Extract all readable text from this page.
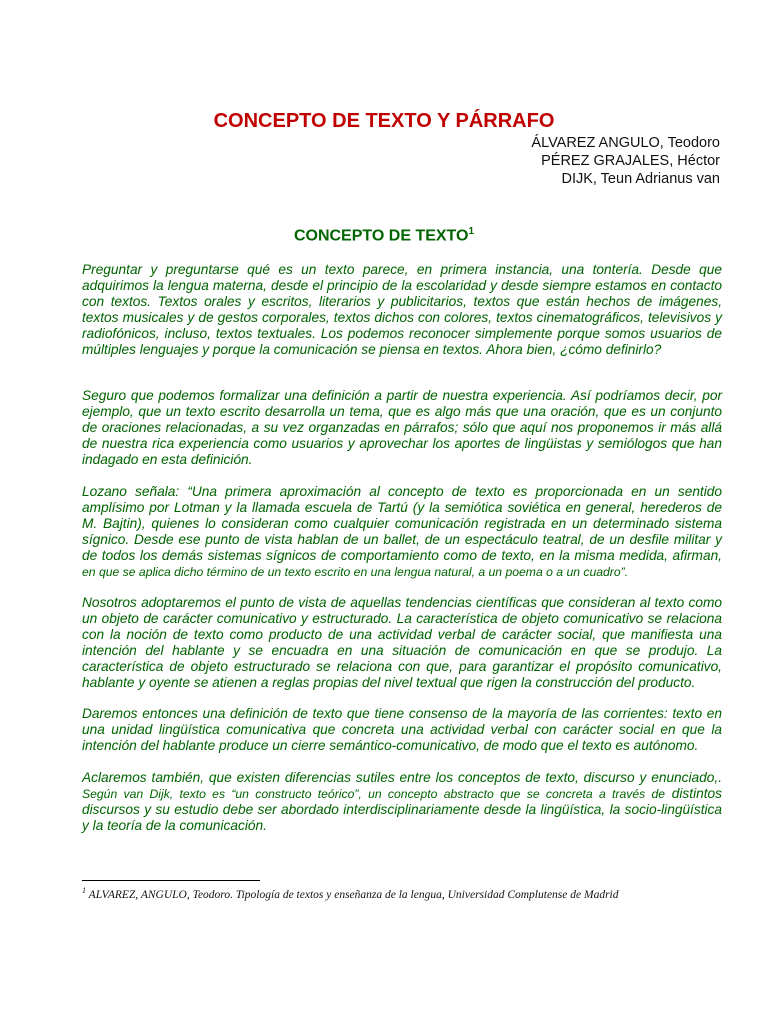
CONCEPTO DE TEXTO Y PÁRRAFO
ÁLVAREZ ANGULO, Teodoro
PÉREZ GRAJALES, Héctor
DIJK, Teun Adrianus van
CONCEPTO DE TEXTO$^1$

Preguntar y preguntarse qué es un texto parece, en primera instancia, una tontería. Desde que adquirimos la lengua materna, desde el principio de la escolaridad y desde siempre estamos en contacto con textos. Textos orales y escritos, literarios y publicitarios, textos que están hechos de imágenes, textos musicales y de gestos corporales, textos dichos con colores, textos cinematográficos, televisivos y radiofónicos, incluso, textos textuales. Los podemos reconocer simplemente porque somos usuarios de múltiples lenguajes y porque la comunicación se piensa en textos. Ahora bien, ¿cómo definirlo?

Seguro que podemos formalizar una definición a partir de nuestra experiencia. Así podríamos decir, por ejemplo, que un texto escrito desarrolla un tema, que es algo más que una oración, que es un conjunto de oraciones relacionadas, a su vez organzadas en párrafos; sólo que aquí nos proponemos ir más allá de nuestra rica experiencia como usuarios y aprovechar los aportes de lingüistas y semiólogos que han indagado en esta definición.

Lozano señala: “Una primera aproximación al concepto de texto es proporcionada en un sentido amplísimo por Lotman y la llamada escuela de Tartú (y la semiótica soviética en general, herederos de M. Bajtin), quienes lo consideran como cualquier comunicación registrada en un determinado sistema sígnico. Desde ese punto de vista hablan de un ballet, de un espectáculo teatral, de un desfile militar y de todos los demás sistemas sígnicos de comportamiento como de texto, en la misma medida, afirman, en que se aplica dicho término de un texto escrito en una lengua natural, a un poema o a un cuadro”.

Nosotros adoptaremos el punto de vista de aquellas tendencias científicas que consideran al texto como un objeto de carácter comunicativo y estructurado. La característica de objeto comunicativo se relaciona con la noción de texto como producto de una actividad verbal de carácter social, que manifiesta una intención del hablante y se encuadra en una situación de comunicación en que se produjo. La característica de objeto estructurado se relaciona con que, para garantizar el propósito comunicativo, hablante y oyente se atienen a reglas propias del nivel textual que rigen la construcción del producto.

Daremos entonces una definición de texto que tiene consenso de la mayoría de las corrientes: texto en una unidad lingüística comunicativa que concreta una actividad verbal con carácter social en que la intención del hablante produce un cierre semántico-comunicativo, de modo que el texto es autónomo.

Aclaremos también, que existen diferencias sutiles entre los conceptos de texto, discurso y enunciado,. Según van Dijk, texto es “un constructo teórico”, un concepto abstracto que se concreta a través de distintos discursos y su estudio debe ser abordado interdisciplinariamente desde la lingüística, la socio-lingüística y la teoría de la comunicación.

$^1$ ALVAREZ, ANGULO, Teodoro. Tipología de textos y enseñanza de la lengua, Universidad Complutense de Madrid
